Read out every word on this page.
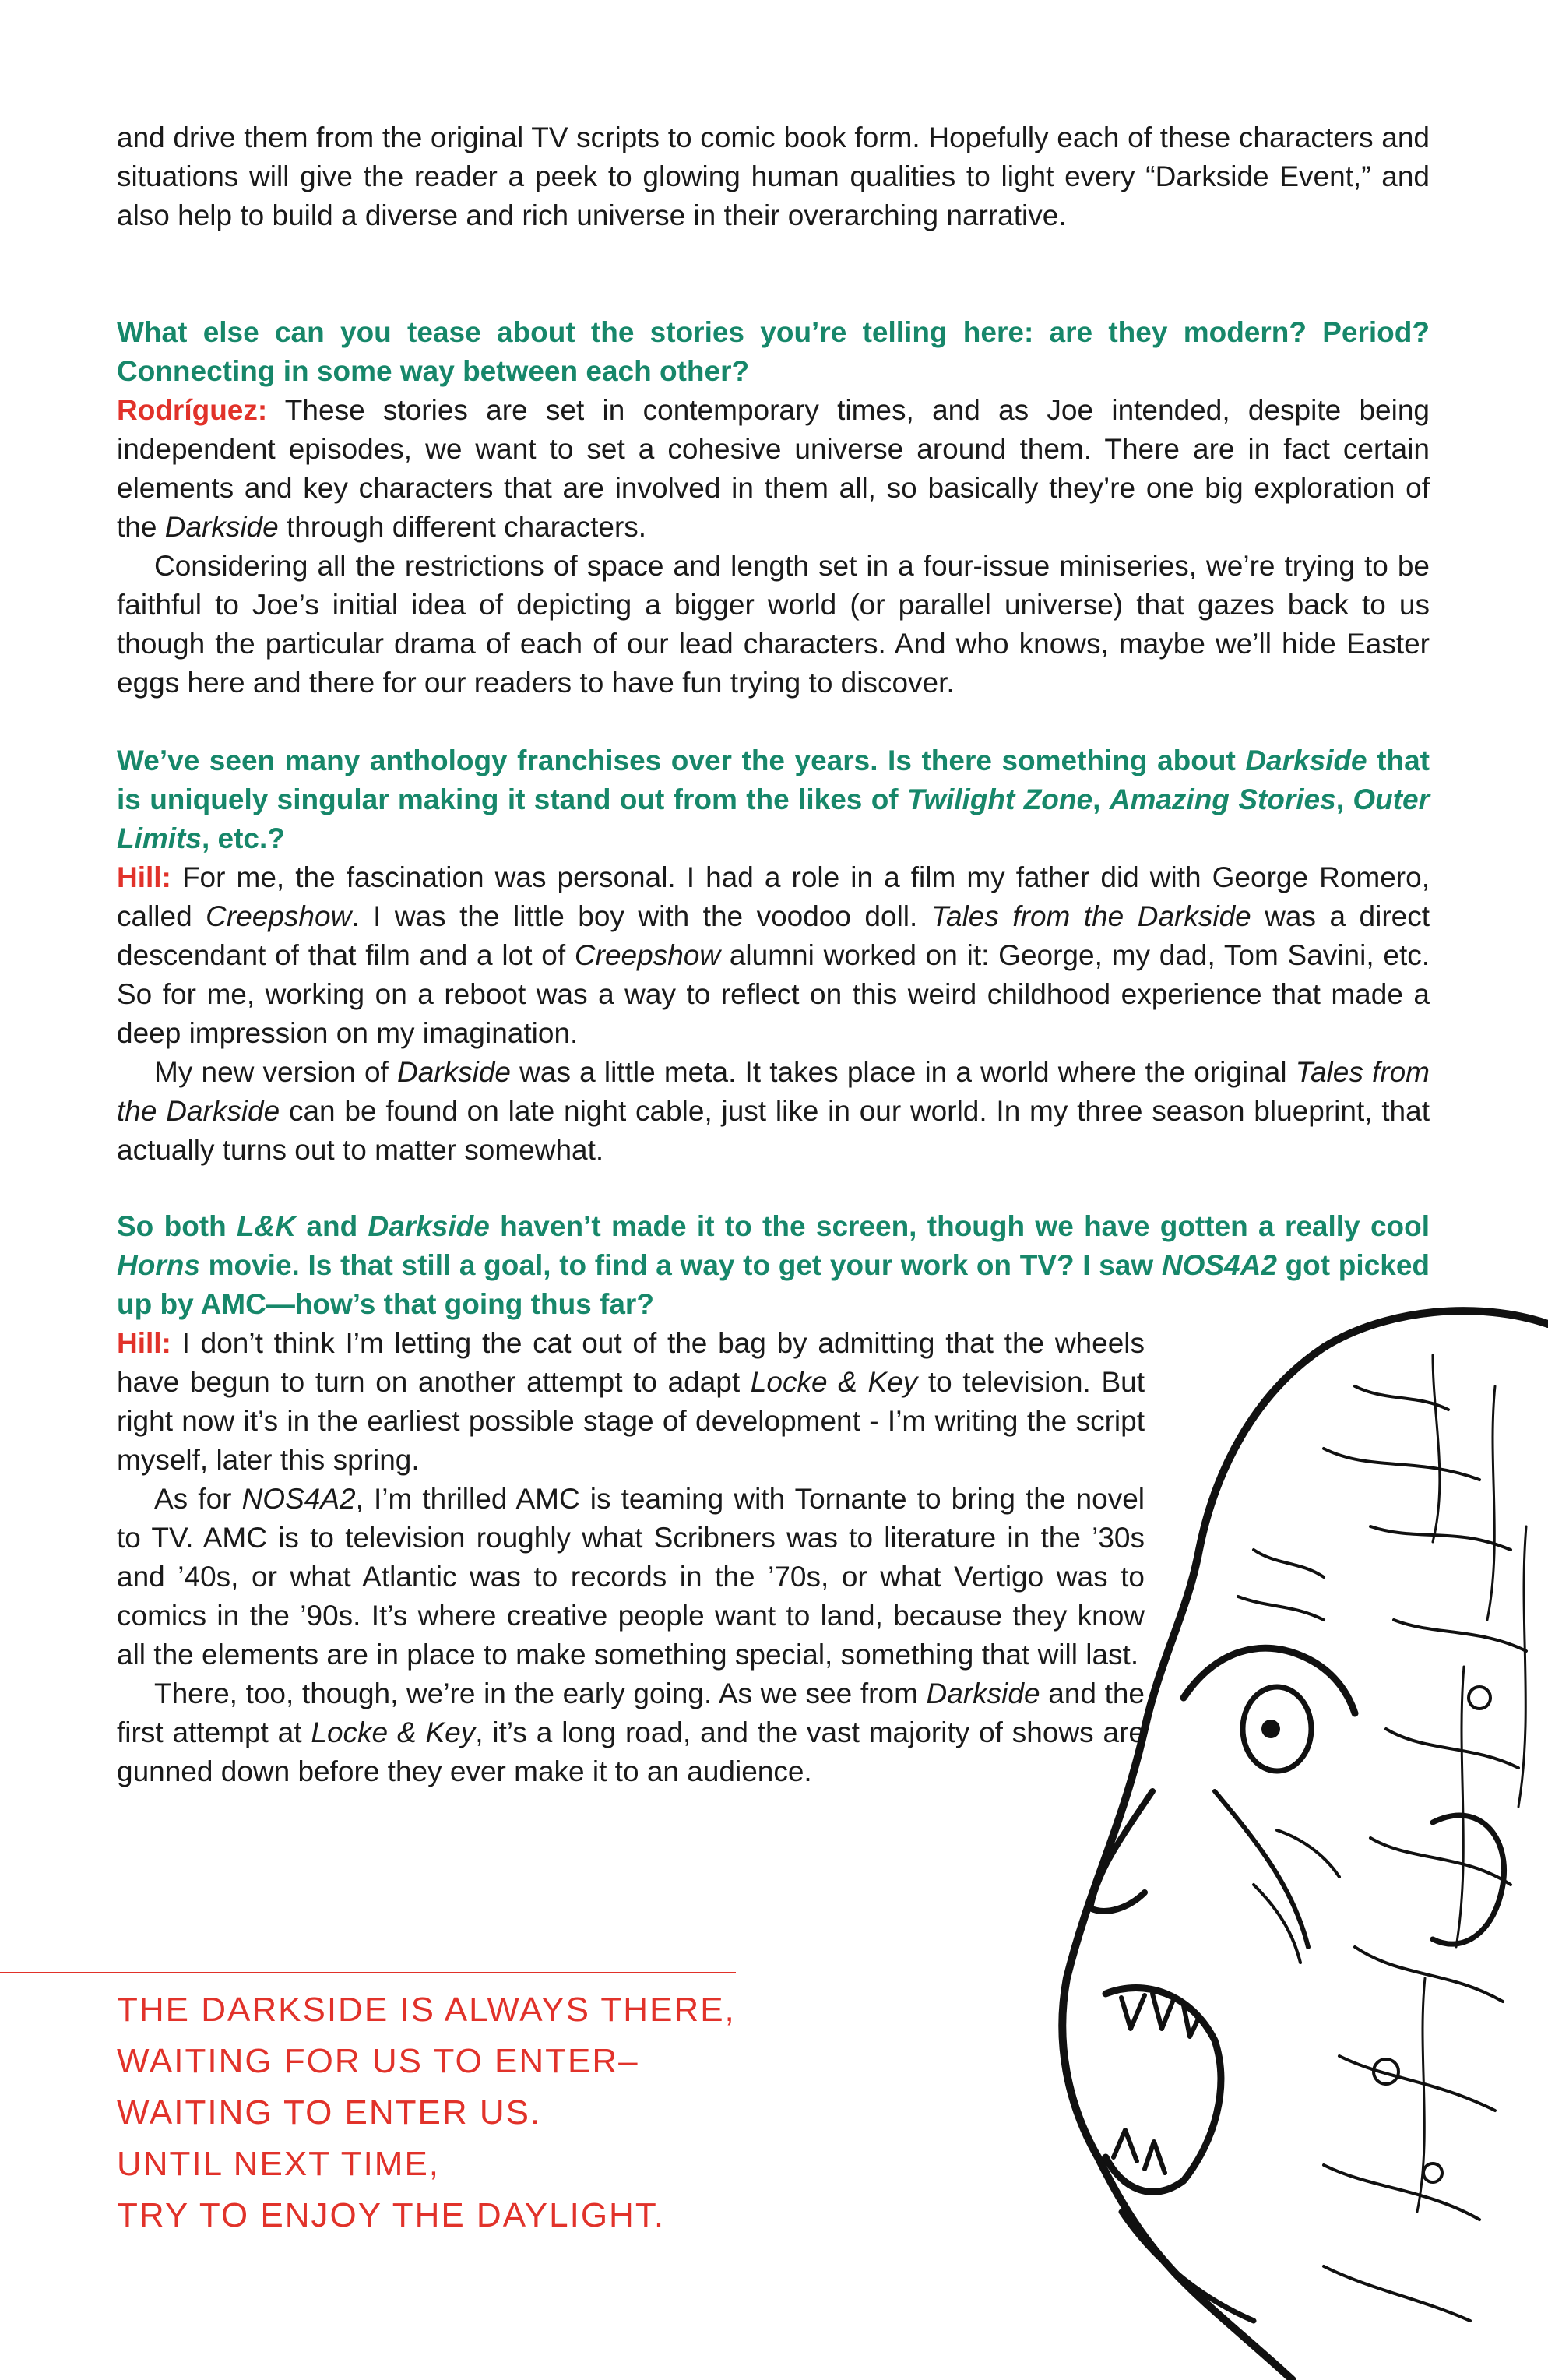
and drive them from the original TV scripts to comic book form. Hopefully each of these characters and situations will give the reader a peek to glowing human qualities to light every “Darkside Event,” and also help to build a diverse and rich universe in their overarching narrative.

What else can you tease about the stories you’re telling here: are they modern? Period? Connecting in some way between each other?

Rodríguez: These stories are set in contemporary times, and as Joe intended, despite being independent episodes, we want to set a cohesive universe around them. There are in fact certain elements and key characters that are involved in them all, so basically they’re one big exploration of the Darkside through different characters.

Considering all the restrictions of space and length set in a four-issue miniseries, we’re trying to be faithful to Joe’s initial idea of depicting a bigger world (or parallel universe) that gazes back to us though the particular drama of each of our lead characters. And who knows, maybe we’ll hide Easter eggs here and there for our readers to have fun trying to discover.

We’ve seen many anthology franchises over the years. Is there something about Darkside that is uniquely singular making it stand out from the likes of Twilight Zone, Amazing Stories, Outer Limits, etc.?

Hill: For me, the fascination was personal. I had a role in a film my father did with George Romero, called Creepshow. I was the little boy with the voodoo doll. Tales from the Darkside was a direct descendant of that film and a lot of Creepshow alumni worked on it: George, my dad, Tom Savini, etc. So for me, working on a reboot was a way to reflect on this weird childhood experience that made a deep impression on my imagination.

My new version of Darkside was a little meta. It takes place in a world where the original Tales from the Darkside can be found on late night cable, just like in our world. In my three season blueprint, that actually turns out to matter somewhat.

So both L&K and Darkside haven’t made it to the screen, though we have gotten a really cool Horns movie. Is that still a goal, to find a way to get your work on TV? I saw NOS4A2 got picked up by AMC—how’s that going thus far?

Hill: I don’t think I’m letting the cat out of the bag by admitting that the wheels have begun to turn on another attempt to adapt Locke & Key to television. But right now it’s in the earliest possible stage of development - I’m writing the script myself, later this spring.

As for NOS4A2, I’m thrilled AMC is teaming with Tornante to bring the novel to TV. AMC is to television roughly what Scribners was to literature in the ’30s and ’40s, or what Atlantic was to records in the ’70s, or what Vertigo was to comics in the ’90s. It’s where creative people want to land, because they know all the elements are in place to make something special, something that will last.

There, too, though, we’re in the early going. As we see from Darkside and the first attempt at Locke & Key, it’s a long road, and the vast majority of shows are gunned down before they ever make it to an audience.

THE DARKSIDE IS ALWAYS THERE,
WAITING FOR US TO ENTER–
WAITING TO ENTER US.
UNTIL NEXT TIME,
TRY TO ENJOY THE DAYLIGHT.
